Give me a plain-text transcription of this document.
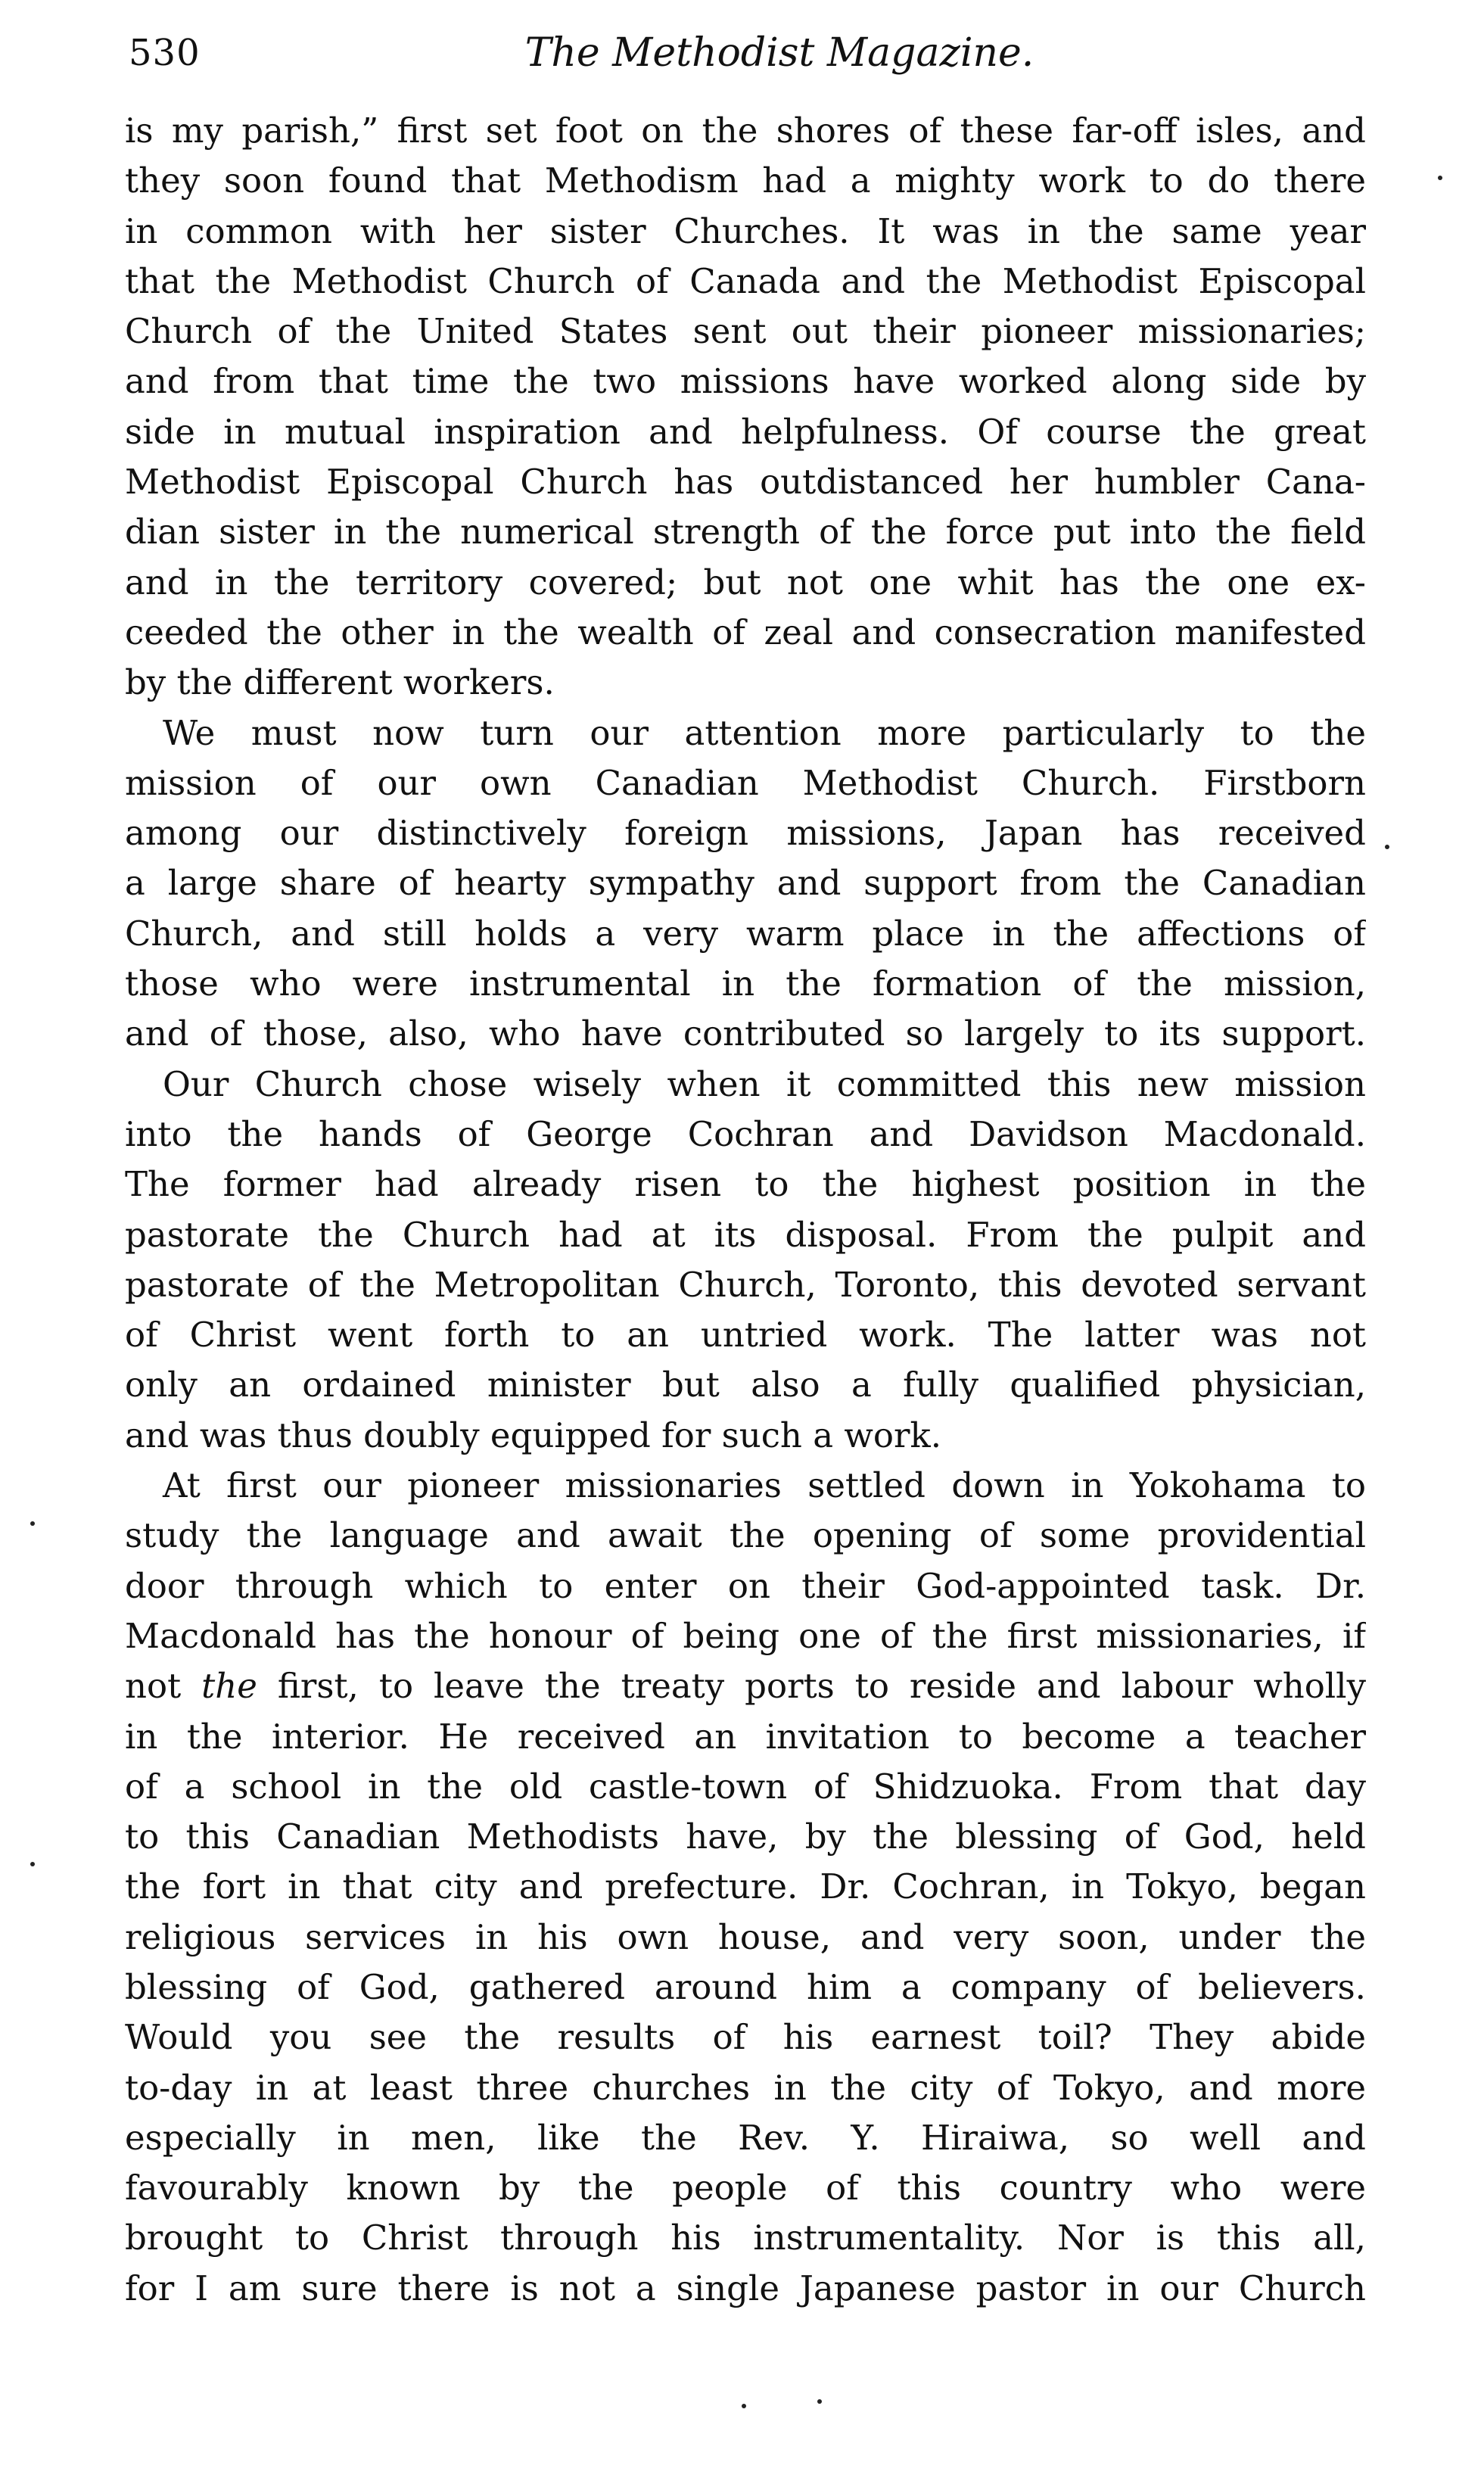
530	The Methodist Magazine.
is my parish,” first set foot on the shores of these far-off isles, and
they soon found that Methodism had a mighty work to do there
in common with her sister Churches. It was in the same year
that the Methodist Church of Canada and the Methodist Episcopal
Church of the United States sent out their pioneer missionaries;
and from that time the two missions have worked along side by
side in mutual inspiration and helpfulness. Of course the great
Methodist Episcopal Church has outdistanced her humbler Cana-
dian sister in the numerical strength of the force put into the field
and in the territory covered; but not one whit has the one ex-
ceeded the other in the wealth of zeal and consecration manifested
by the different workers.
We must now turn our attention more particularly to the
mission of our own Canadian Methodist Church. Firstborn
among our distinctively foreign missions, Japan has received
a large share of hearty sympathy and support from the Canadian
Church, and still holds a very warm place in the affections of
those who were instrumental in the formation of the mission,
and of those, also, who have contributed so largely to its support.
Our Church chose wisely when it committed this new mission
into the hands of George Cochran and Davidson Macdonald.
The former had already risen to the highest position in the
pastorate the Church had at its disposal. From the pulpit and
pastorate of the Metropolitan Church, Toronto, this devoted servant
of Christ went forth to an untried work. The latter was not
only an ordained minister but also a fully qualified physician,
and was thus doubly equipped for such a work.
At first our pioneer missionaries settled down in Yokohama to
study the language and await the opening of some providential
door through which to enter on their God-appointed task. Dr.
Macdonald has the honour of being one of the first missionaries, if
not the first, to leave the treaty ports to reside and labour wholly
in the interior. He received an invitation to become a teacher
of a school in the old castle-town of Shidzuoka. From that day
to this Canadian Methodists have, by the blessing of God, held
the fort in that city and prefecture. Dr. Cochran, in Tokyo, began
religious services in his own house, and very soon, under the
blessing of God, gathered around him a company of believers.
Would you see the results of his earnest toil? They abide
to-day in at least three churches in the city of Tokyo, and more
especially in men, like the Rev. Y. Hiraiwa, so well and
favourably known by the people of this country who were
brought to Christ through his instrumentality. Nor is this all,
for I am sure there is not a single Japanese pastor in our Church
